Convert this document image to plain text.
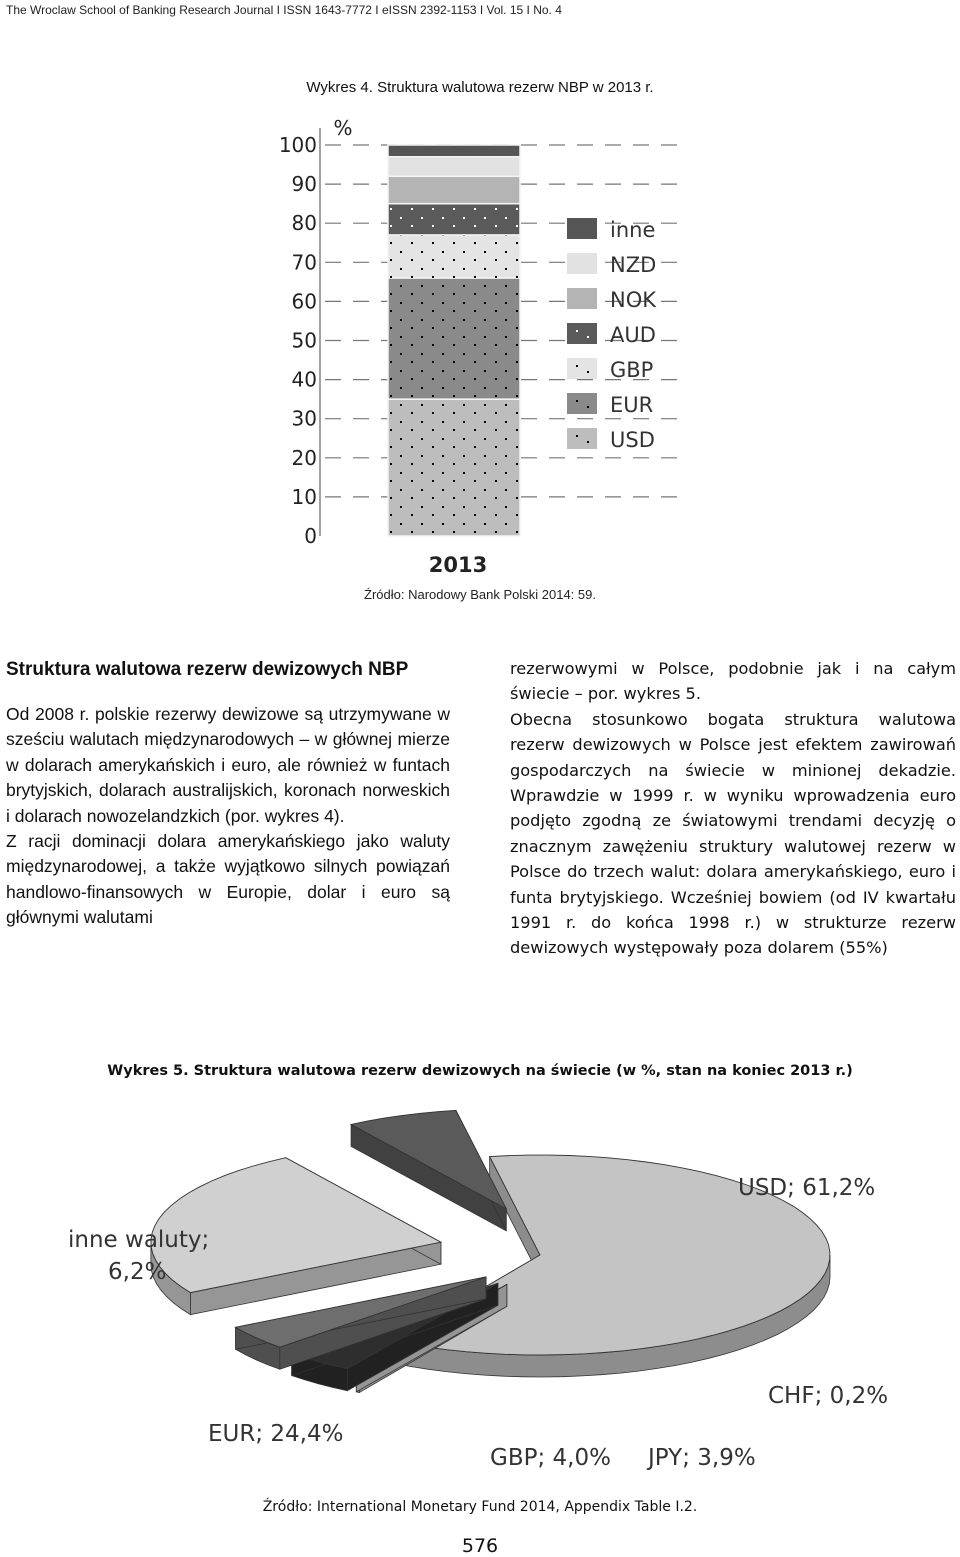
The Wroclaw School of Banking Research Journal I ISSN 1643-7772 I eISSN 2392-1153 I Vol. 15 I No. 4
Wykres 4. Struktura walutowa rezerw NBP w 2013 r.
0
10
20
30
40
50
60
70
80
90
100
%
2013
inne
NZD
NOK
AUD
GBP
EUR
USD
Źródło: Narodowy Bank Polski 2014: 59.
Struktura walutowa rezerw dewizowych NBP

Od 2008 r. polskie rezerwy dewizowe są utrzymywane w sześciu walutach międzynarodowych – w głównej mierze w dolarach amerykańskich i euro, ale również w funtach brytyjskich, dolarach australijskich, koronach norweskich i dolarach nowozelandzkich (por. wykres 4).

Z racji dominacji dolara amerykańskiego jako waluty międzynarodowej, a także wyjątkowo silnych powiązań handlowo-finansowych w Europie, dolar i euro są głównymi walutami

rezerwowymi w Polsce, podobnie jak i na całym świecie – por. wykres 5.

Obecna stosunkowo bogata struktura walutowa rezerw dewizowych w Polsce jest efektem zawirowań gospodarczych na świecie w minionej dekadzie. Wprawdzie w 1999 r. w wyniku wprowadzenia euro podjęto zgodną ze światowymi trendami decyzję o znacznym zawężeniu struktury walutowej rezerw w Polsce do trzech walut: dolara amerykańskiego, euro i funta brytyjskiego. Wcześniej bowiem (od IV kwartału 1991 r. do końca 1998 r.) w strukturze rezerw dewizowych występowały poza dolarem (55%)

Wykres 5. Struktura walutowa rezerw dewizowych na świecie (w %, stan na koniec 2013 r.)
USD; 61,2%
inne waluty;
6,2%
EUR; 24,4%
CHF; 0,2%
GBP; 4,0% JPY; 3,9%
Źródło: International Monetary Fund 2014, Appendix Table I.2.
576
